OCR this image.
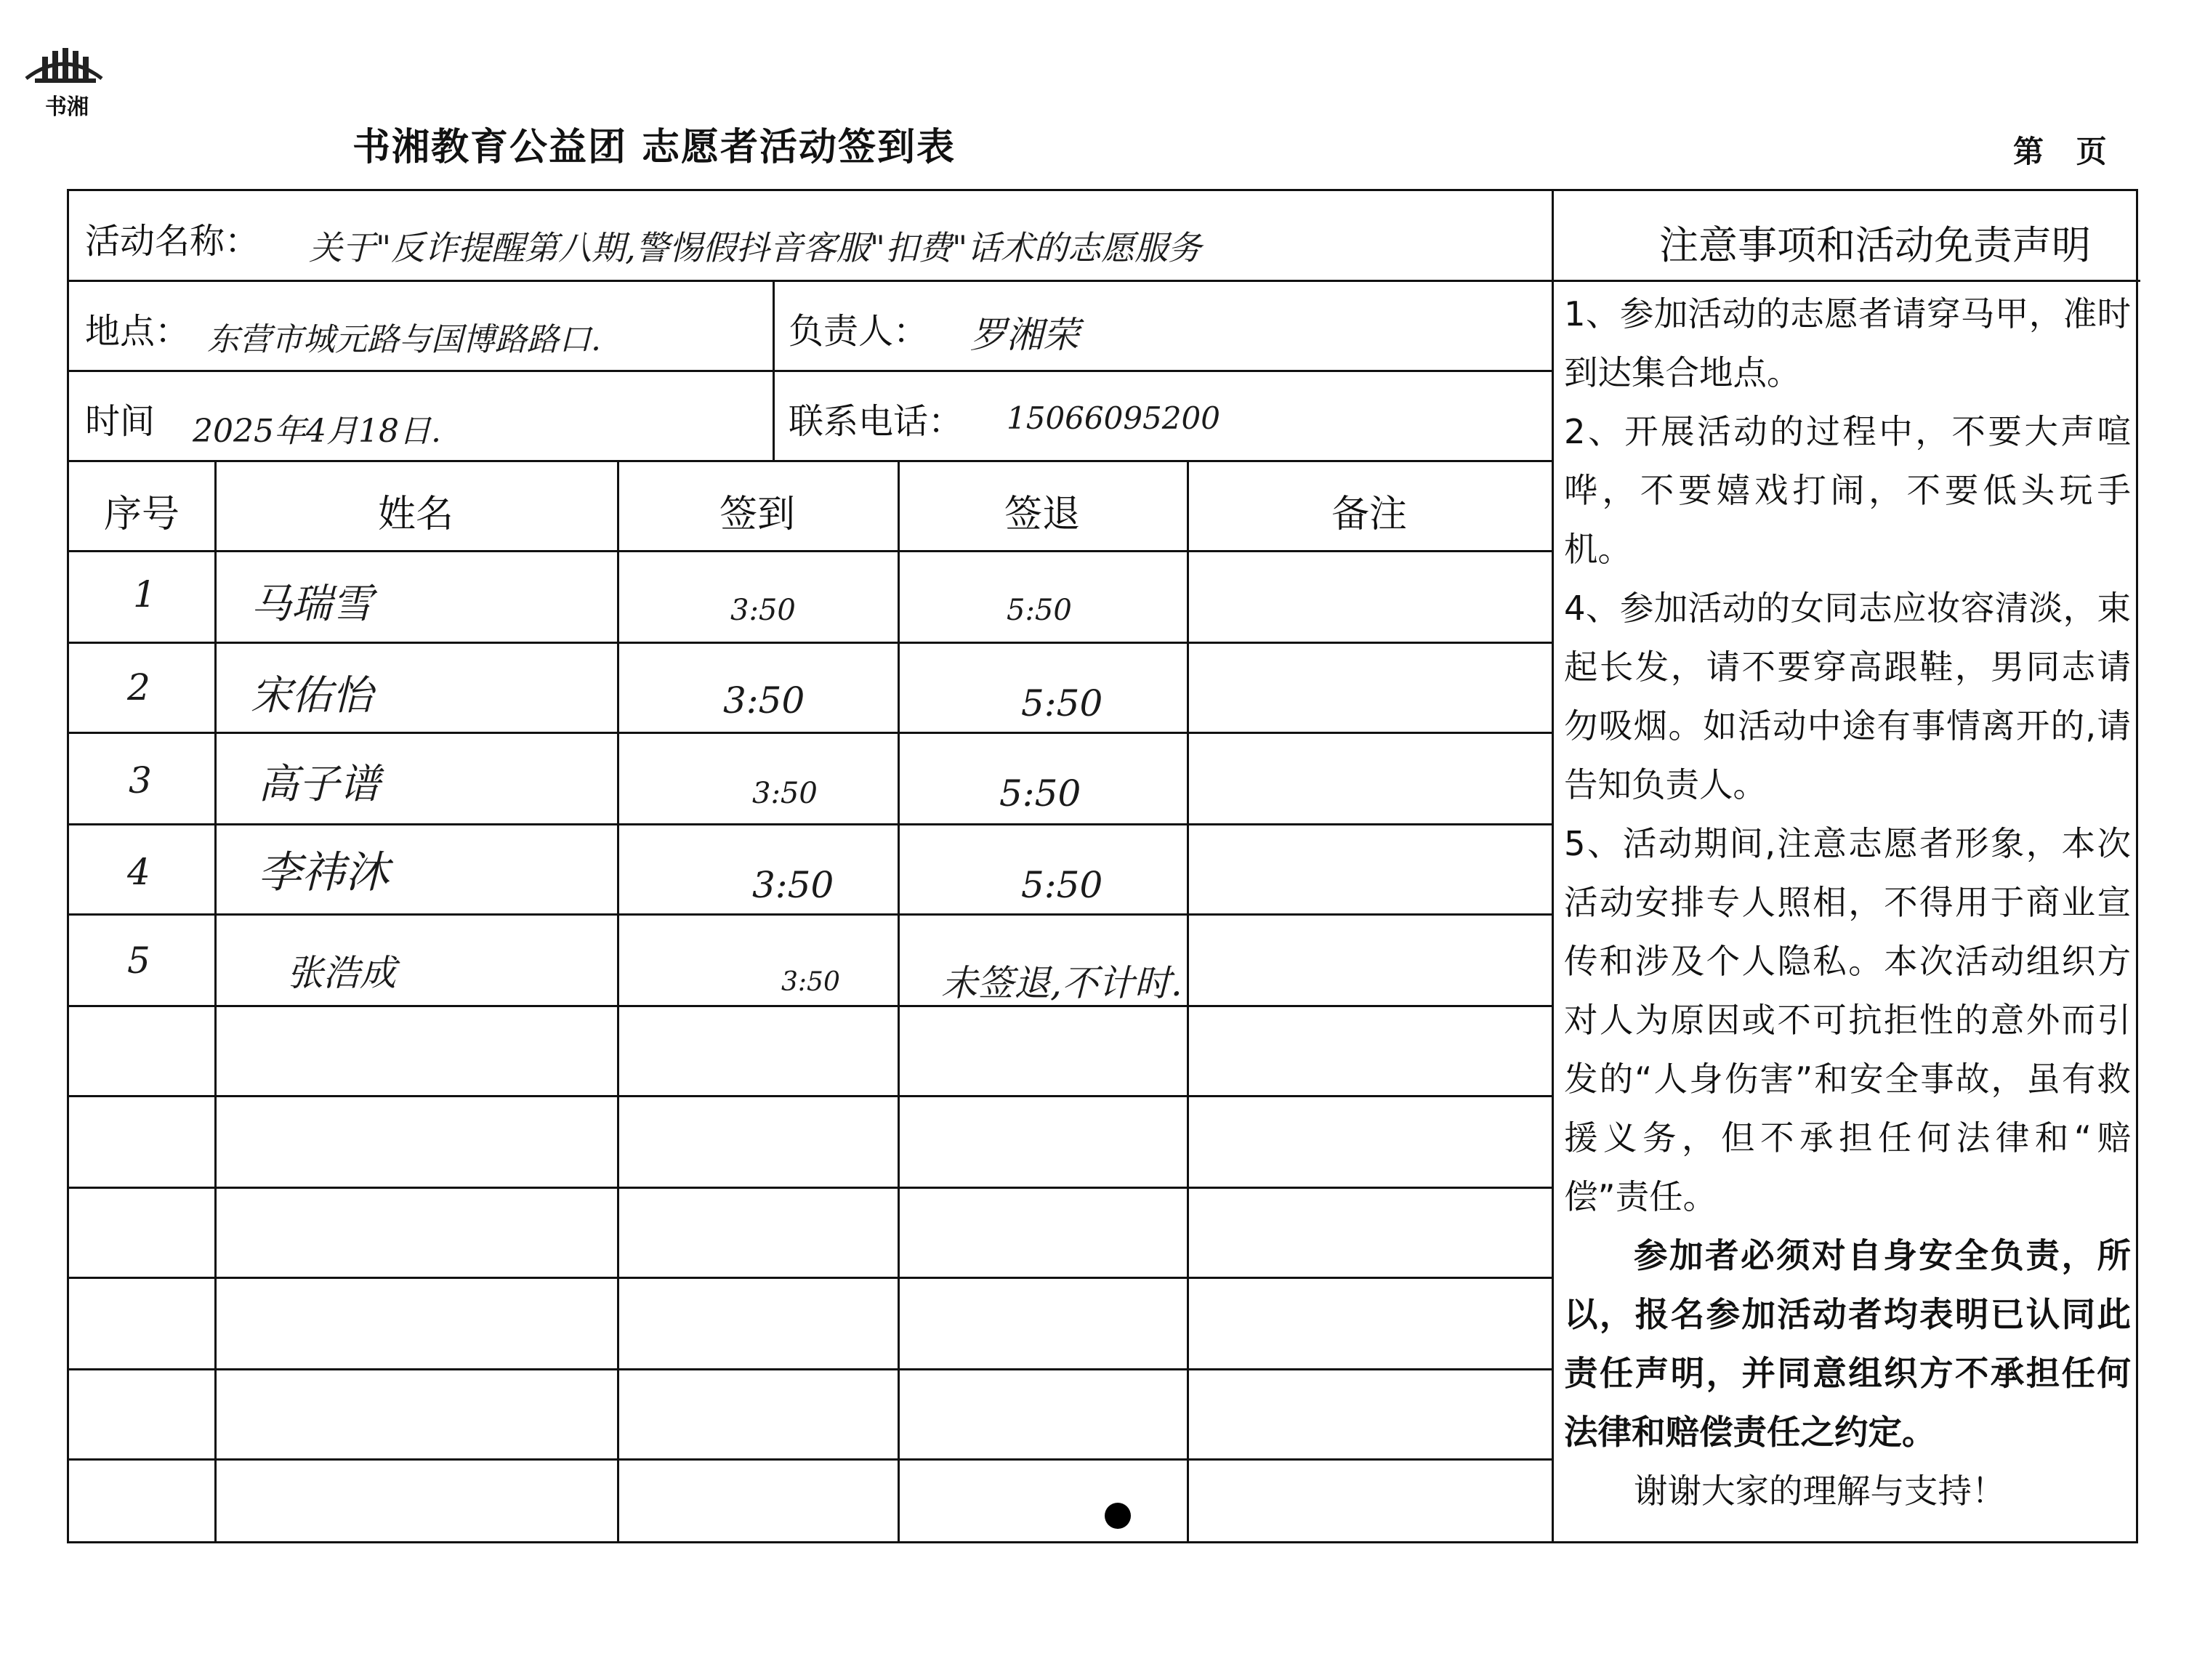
书湘
书湘教育公益团 志愿者活动签到表	第 页
活动名称： 关于"反诈提醒第八期,警惕假抖音客服"扣费"话术的志愿服务
地点： 东营市城元路与国博路路口.	负责人： 罗湘荣
时间 2025年4月18日.	联系电话： 15066095200
序号	姓名	签到	签退	备注
1 马瑞雪	3:50	5:50
2 宋佑怡	3:50	5:50
3	高子谱	3:50	5:50
4 李祎沐	3:50	5:50
5	张浩成	3:50	未签退,不计时.
注意事项和活动免责声明

1、参加活动的志愿者请穿马甲，准时到达集合地点。

2、开展活动的过程中，不要大声喧哗，不要嬉戏打闹，不要低头玩手机。

4、参加活动的女同志应妆容清淡，束起长发，请不要穿高跟鞋，男同志请勿吸烟。如活动中途有事情离开的,请告知负责人。

5、活动期间,注意志愿者形象，本次活动安排专人照相，不得用于商业宣传和涉及个人隐私。本次活动组织方对人为原因或不可抗拒性的意外而引发的“人身伤害”和安全事故，虽有救援义务，但不承担任何法律和“赔偿”责任。

参加者必须对自身安全负责，所以，报名参加活动者均表明已认同此责任声明，并同意组织方不承担任何法律和赔偿责任之约定。

谢谢大家的理解与支持！
